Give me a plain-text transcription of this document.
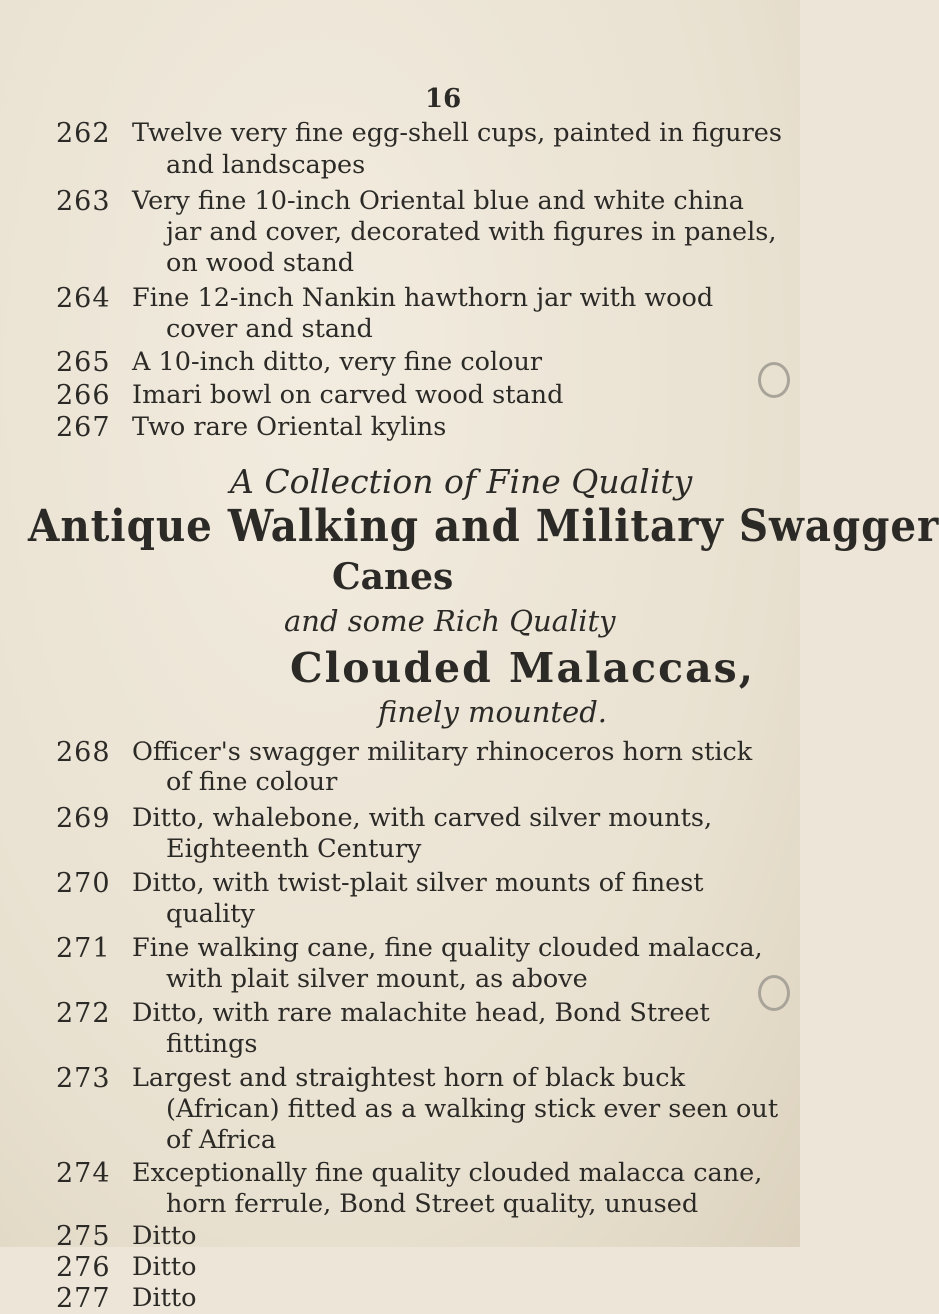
16
262 Twelve very fine egg-shell cups, painted in figures
and landscapes
263 Very fine 10-inch Oriental blue and white china
jar and cover, decorated with figures in panels,
on wood stand
264 Fine 12-inch Nankin hawthorn jar with wood
cover and stand
265 A 10-inch ditto, very fine colour
266 Imari bowl on carved wood stand
267 Two rare Oriental kylins
A Collection of Fine Quality
Antique Walking and Military Swagger
Canes
and some Rich Quality
Clouded Malaccas,
finely mounted.
268 Officer's swagger military rhinoceros horn stick
of fine colour
269 Ditto, whalebone, with carved silver mounts,
Eighteenth Century
270 Ditto, with twist-plait silver mounts of finest
quality
271 Fine walking cane, fine quality clouded malacca,
with plait silver mount, as above
272 Ditto, with rare malachite head, Bond Street
fittings
273 Largest and straightest horn of black buck
(African) fitted as a walking stick ever seen out
of Africa
274 Exceptionally fine quality clouded malacca cane,
horn ferrule, Bond Street quality, unused
275 Ditto
276 Ditto
277 Ditto
